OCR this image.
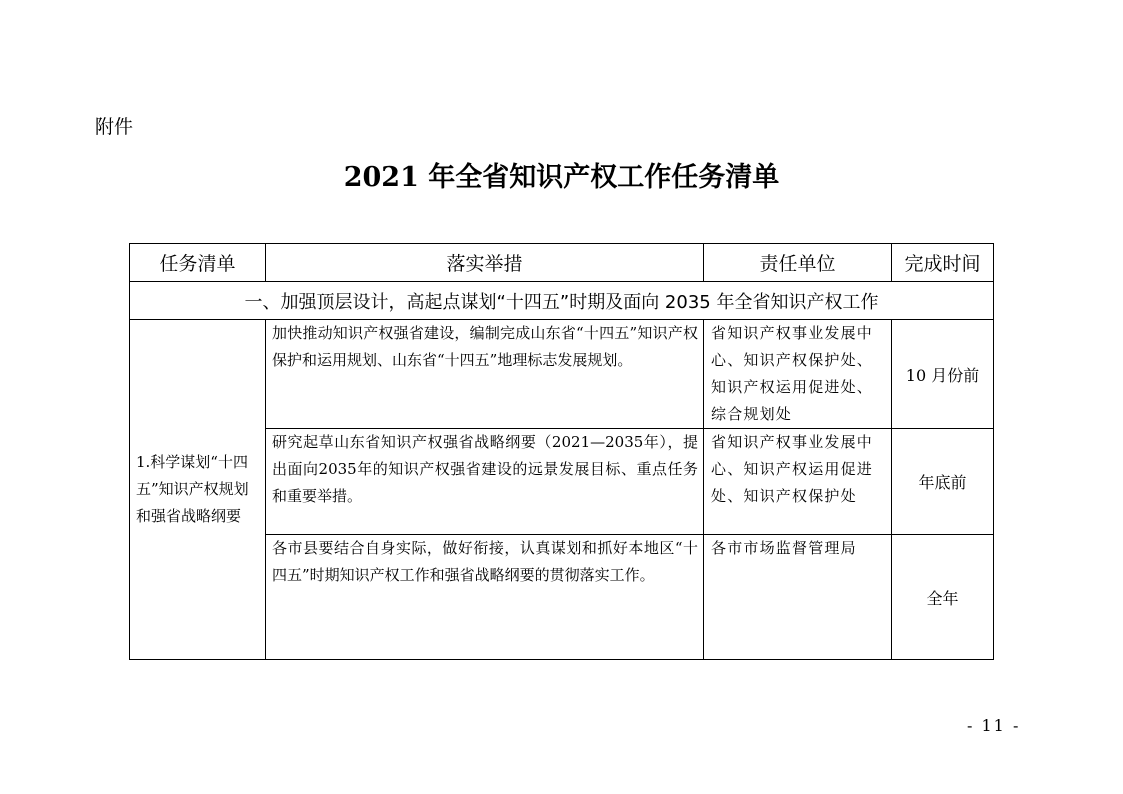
附件
2021 年全省知识产权工作任务清单
任务清单	落实举措	责任单位	完成时间
一、加强顶层设计，高起点谋划“十四五”时期及面向 2035 年全省知识产权工作			
1.科学谋划“十四五”知识产权规划和强省战略纲要	加快推动知识产权强省建设，编制完成山东省“十四五”知识产权保护和运用规划、山东省“十四五”地理标志发展规划。	省知识产权事业发展中心、知识产权保护处、知识产权运用促进处、综合规划处	10 月份前
	研究起草山东省知识产权强省战略纲要（2021—2035年），提出面向2035年的知识产权强省建设的远景发展目标、重点任务和重要举措。	省知识产权事业发展中心、知识产权运用促进处、知识产权保护处	年底前
	各市县要结合自身实际，做好衔接，认真谋划和抓好本地区“十四五”时期知识产权工作和强省战略纲要的贯彻落实工作。	各市市场监督管理局	全年
- 11 -
